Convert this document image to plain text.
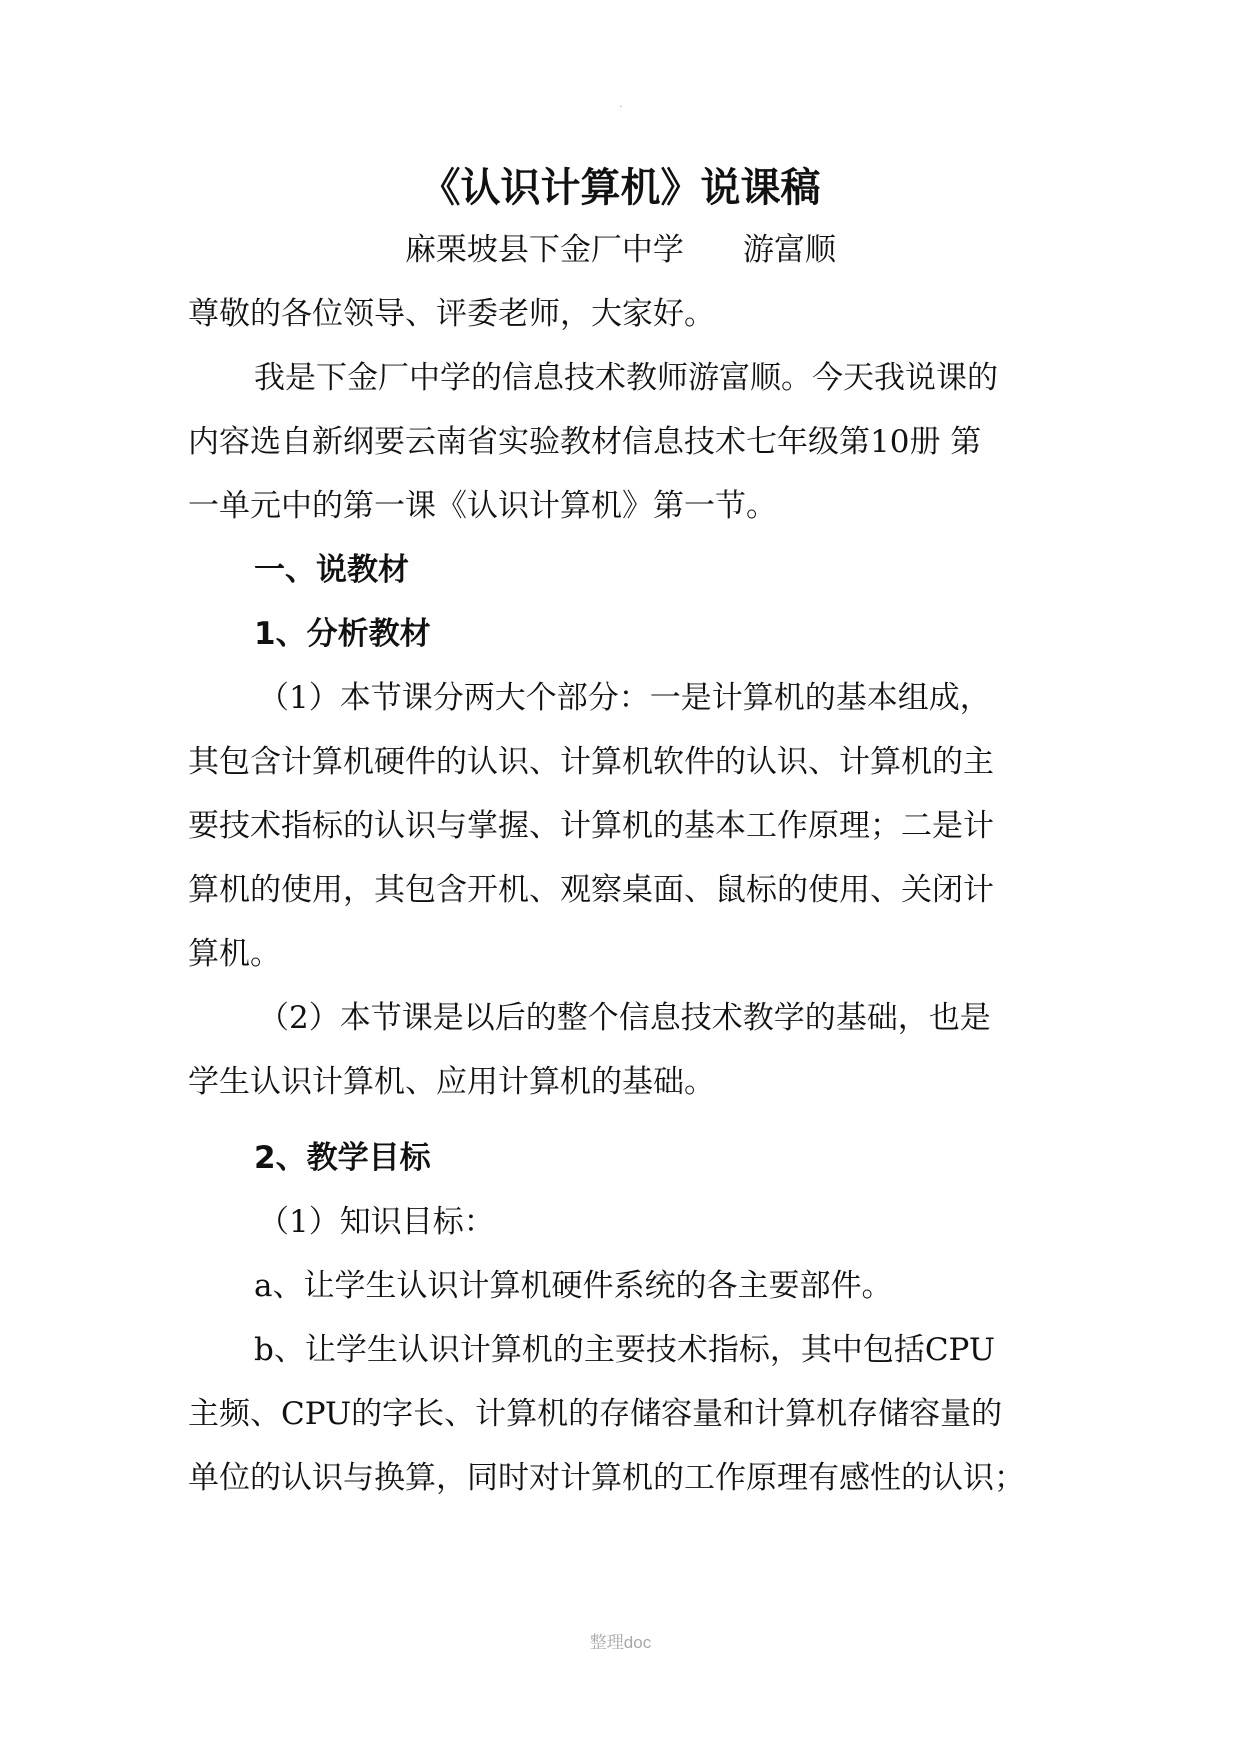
.
《认识计算机》说课稿
麻栗坡县下金厂中学      游富顺
尊敬的各位领导、评委老师，大家好。
我是下金厂中学的信息技术教师游富顺。今天我说课的
内容选自新纲要云南省实验教材信息技术七年级第10册 第
一单元中的第一课《认识计算机》第一节。
一、说教材
1、分析教材
（1）本节课分两大个部分：一是计算机的基本组成，
其包含计算机硬件的认识、计算机软件的认识、计算机的主
要技术指标的认识与掌握、计算机的基本工作原理；二是计
算机的使用，其包含开机、观察桌面、鼠标的使用、关闭计
算机。
（2）本节课是以后的整个信息技术教学的基础，也是
学生认识计算机、应用计算机的基础。
2、教学目标
（1）知识目标：
a、让学生认识计算机硬件系统的各主要部件。
b、让学生认识计算机的主要技术指标，其中包括CPU
主频、CPU的字长、计算机的存储容量和计算机存储容量的
单位的认识与换算，同时对计算机的工作原理有感性的认识；
整理doc
